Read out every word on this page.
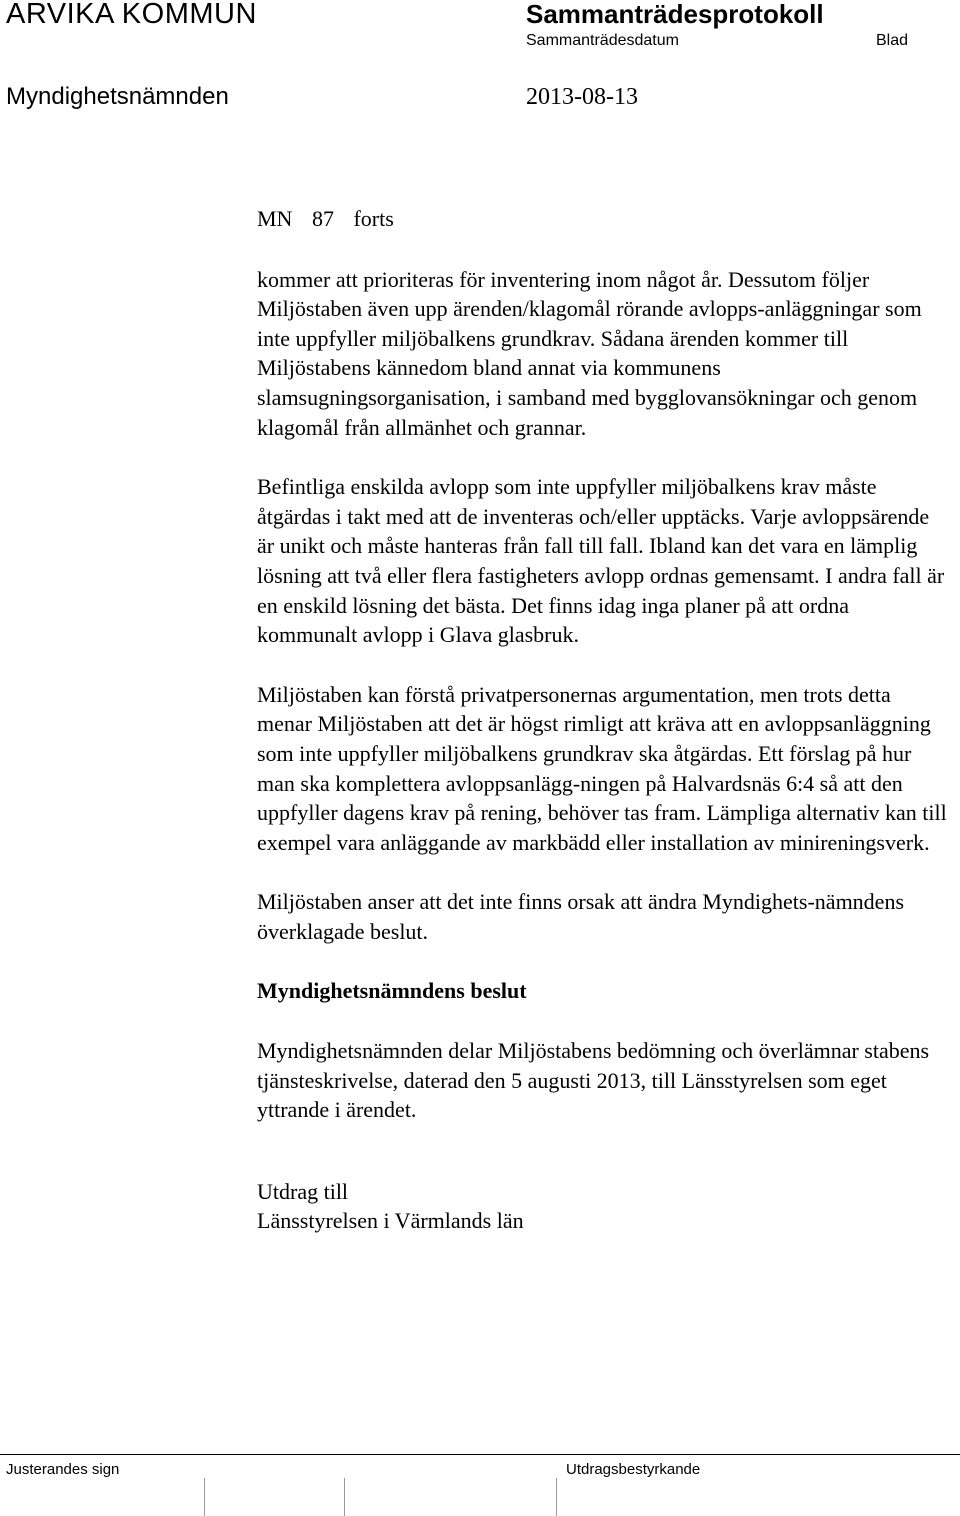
ARVIKA KOMMUN	Sammanträdesprotokoll
Sammanträdesdatum	Blad
Myndighetsnämnden	2013-08-13
MN 87 forts

kommer att prioriteras för inventering inom något år. Dessutom följer Miljöstaben även upp ärenden/klagomål rörande avlopps-anläggningar som inte uppfyller miljöbalkens grundkrav. Sådana ärenden kommer till Miljöstabens kännedom bland annat via kommunens slamsugningsorganisation, i samband med bygglovansökningar och genom klagomål från allmänhet och grannar.

Befintliga enskilda avlopp som inte uppfyller miljöbalkens krav måste åtgärdas i takt med att de inventeras och/eller upptäcks. Varje avloppsärende är unikt och måste hanteras från fall till fall. Ibland kan det vara en lämplig lösning att två eller flera fastigheters avlopp ordnas gemensamt. I andra fall är en enskild lösning det bästa. Det finns idag inga planer på att ordna kommunalt avlopp i Glava glasbruk.

Miljöstaben kan förstå privatpersonernas argumentation, men trots detta menar Miljöstaben att det är högst rimligt att kräva att en avloppsanläggning som inte uppfyller miljöbalkens grundkrav ska åtgärdas. Ett förslag på hur man ska komplettera avloppsanlägg-ningen på Halvardsnäs 6:4 så att den uppfyller dagens krav på rening, behöver tas fram. Lämpliga alternativ kan till exempel vara anläggande av markbädd eller installation av minireningsverk.

Miljöstaben anser att det inte finns orsak att ändra Myndighets-nämndens överklagade beslut.

Myndighetsnämndens beslut

Myndighetsnämnden delar Miljöstabens bedömning och överlämnar stabens tjänsteskrivelse, daterad den 5 augusti 2013, till Länsstyrelsen som eget yttrande i ärendet.

Utdrag till
Länsstyrelsen i Värmlands län
Justerandes sign	Utdragsbestyrkande
